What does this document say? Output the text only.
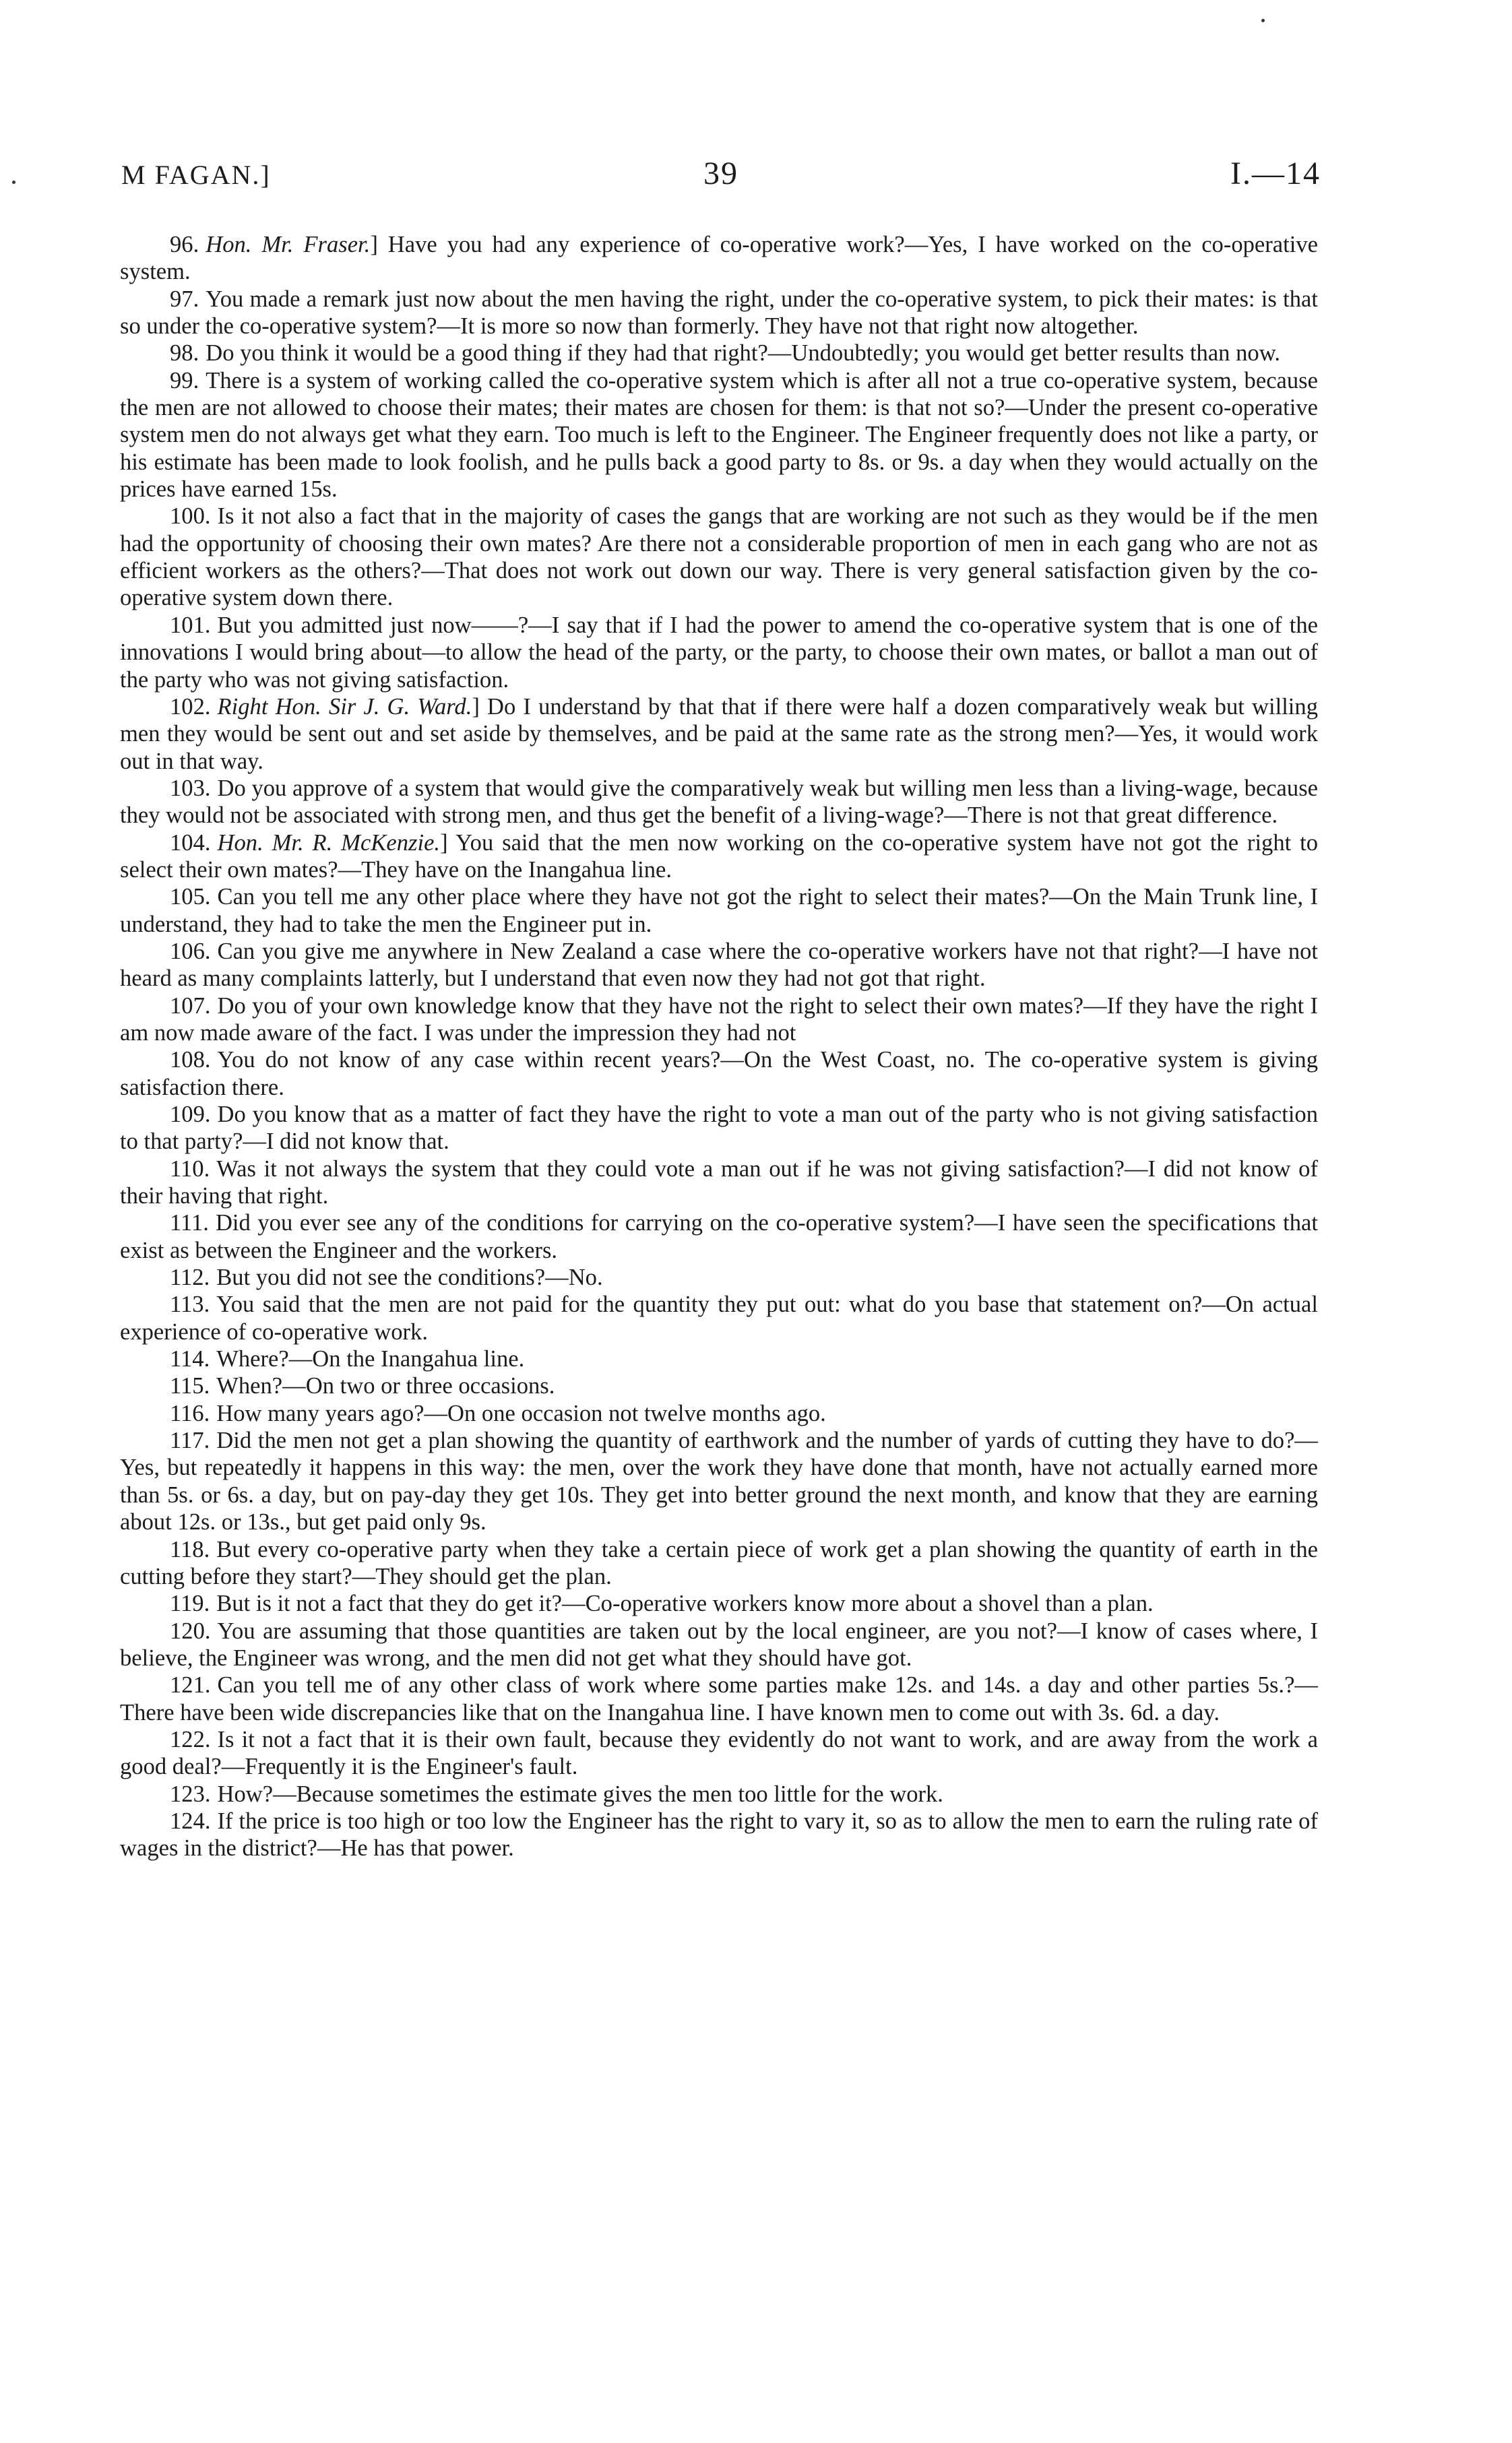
M FAGAN.]	39	I.—14

96. Hon. Mr. Fraser.] Have you had any experience of co-operative work?—Yes, I have worked on the co-operative system.

97. You made a remark just now about the men having the right, under the co-operative system, to pick their mates: is that so under the co-operative system?—It is more so now than formerly. They have not that right now altogether.

98. Do you think it would be a good thing if they had that right?—Undoubtedly; you would get better results than now.

99. There is a system of working called the co-operative system which is after all not a true co-operative system, because the men are not allowed to choose their mates; their mates are chosen for them: is that not so?—Under the present co-operative system men do not always get what they earn. Too much is left to the Engineer. The Engineer frequently does not like a party, or his estimate has been made to look foolish, and he pulls back a good party to 8s. or 9s. a day when they would actually on the prices have earned 15s.

100. Is it not also a fact that in the majority of cases the gangs that are working are not such as they would be if the men had the opportunity of choosing their own mates? Are there not a considerable proportion of men in each gang who are not as efficient workers as the others?—That does not work out down our way. There is very general satisfaction given by the co-operative system down there.

101. But you admitted just now——?—I say that if I had the power to amend the co-operative system that is one of the innovations I would bring about—to allow the head of the party, or the party, to choose their own mates, or ballot a man out of the party who was not giving satisfaction.

102. Right Hon. Sir J. G. Ward.] Do I understand by that that if there were half a dozen comparatively weak but willing men they would be sent out and set aside by themselves, and be paid at the same rate as the strong men?—Yes, it would work out in that way.

103. Do you approve of a system that would give the comparatively weak but willing men less than a living-wage, because they would not be associated with strong men, and thus get the benefit of a living-wage?—There is not that great difference.

104. Hon. Mr. R. McKenzie.] You said that the men now working on the co-operative system have not got the right to select their own mates?—They have on the Inangahua line.

105. Can you tell me any other place where they have not got the right to select their mates?—On the Main Trunk line, I understand, they had to take the men the Engineer put in.

106. Can you give me anywhere in New Zealand a case where the co-operative workers have not that right?—I have not heard as many complaints latterly, but I understand that even now they had not got that right.

107. Do you of your own knowledge know that they have not the right to select their own mates?—If they have the right I am now made aware of the fact. I was under the impression they had not

108. You do not know of any case within recent years?—On the West Coast, no. The co-operative system is giving satisfaction there.

109. Do you know that as a matter of fact they have the right to vote a man out of the party who is not giving satisfaction to that party?—I did not know that.

110. Was it not always the system that they could vote a man out if he was not giving satisfaction?—I did not know of their having that right.

111. Did you ever see any of the conditions for carrying on the co-operative system?—I have seen the specifications that exist as between the Engineer and the workers.

112. But you did not see the conditions?—No.

113. You said that the men are not paid for the quantity they put out: what do you base that statement on?—On actual experience of co-operative work.

114. Where?—On the Inangahua line.

115. When?—On two or three occasions.

116. How many years ago?—On one occasion not twelve months ago.

117. Did the men not get a plan showing the quantity of earthwork and the number of yards of cutting they have to do?—Yes, but repeatedly it happens in this way: the men, over the work they have done that month, have not actually earned more than 5s. or 6s. a day, but on pay-day they get 10s. They get into better ground the next month, and know that they are earning about 12s. or 13s., but get paid only 9s.

118. But every co-operative party when they take a certain piece of work get a plan showing the quantity of earth in the cutting before they start?—They should get the plan.

119. But is it not a fact that they do get it?—Co-operative workers know more about a shovel than a plan.

120. You are assuming that those quantities are taken out by the local engineer, are you not?—I know of cases where, I believe, the Engineer was wrong, and the men did not get what they should have got.

121. Can you tell me of any other class of work where some parties make 12s. and 14s. a day and other parties 5s.?—There have been wide discrepancies like that on the Inangahua line. I have known men to come out with 3s. 6d. a day.

122. Is it not a fact that it is their own fault, because they evidently do not want to work, and are away from the work a good deal?—Frequently it is the Engineer's fault.

123. How?—Because sometimes the estimate gives the men too little for the work.

124. If the price is too high or too low the Engineer has the right to vary it, so as to allow the men to earn the ruling rate of wages in the district?—He has that power.
